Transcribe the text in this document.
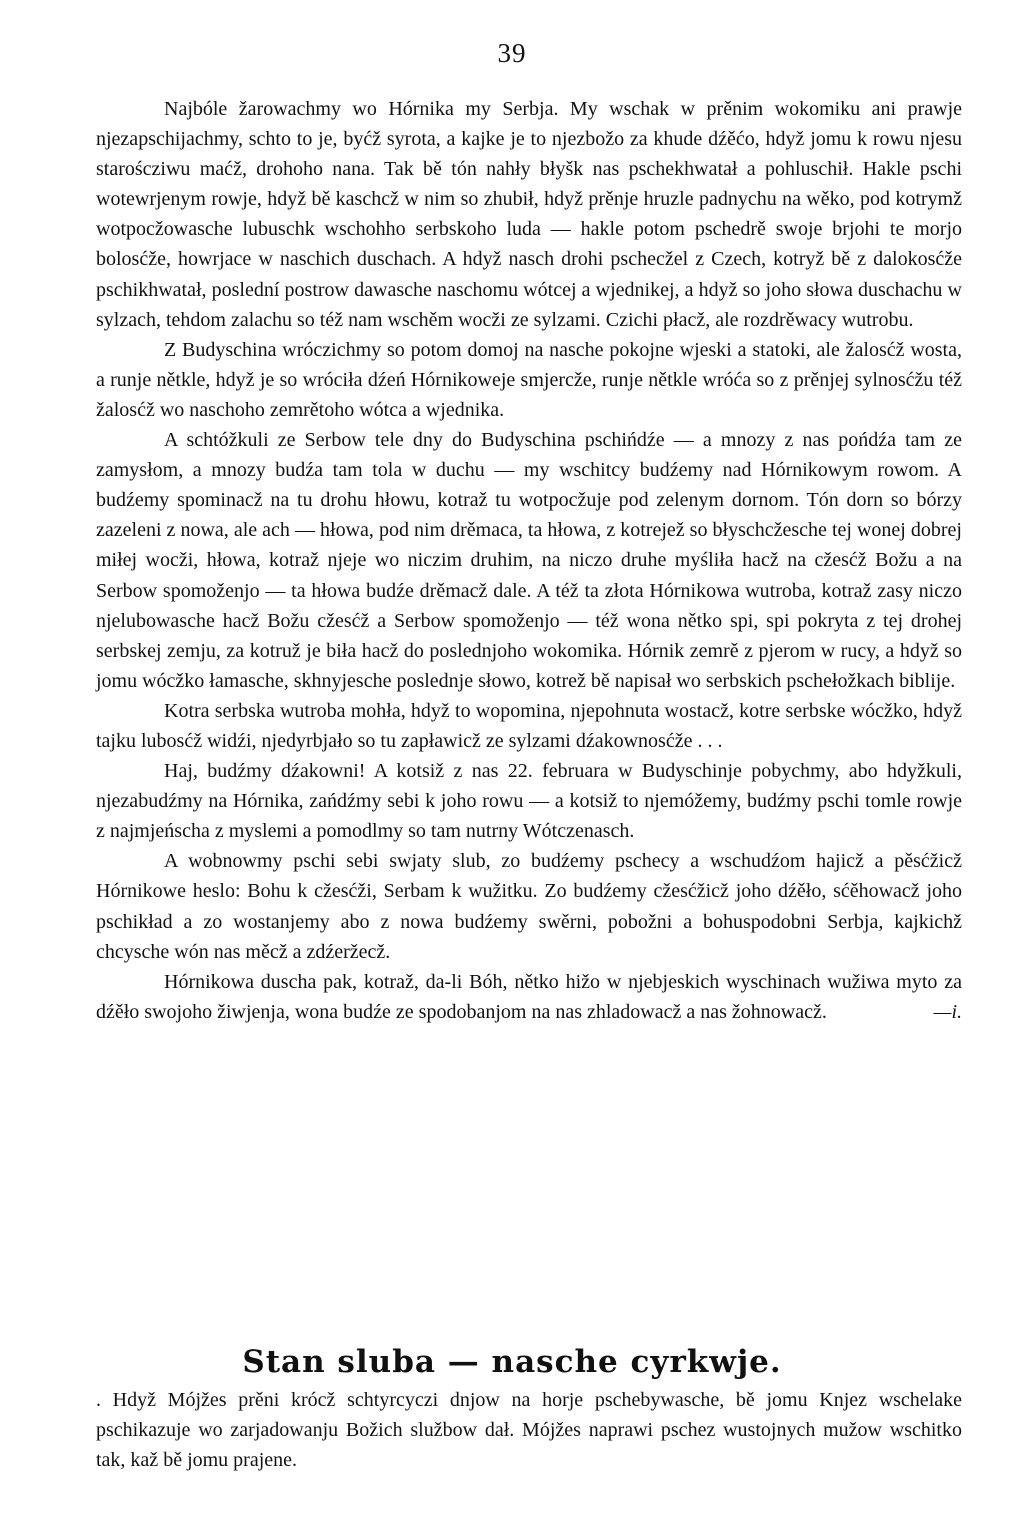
39

Najbóle žarowachmy wo Hórnika my Serbja. My wschak w prěnim wokomiku ani prawje njezapschijachmy, schto to je, byćž syrota, a kajke je to njezbožo za khude dźěćo, hdyž jomu k rowu njesu staroścziwu maćž, drohoho nana. Tak bě tón nahły błyšk nas pschekhwatał a pohluschił. Hakle pschi wotewrjenym rowje, hdyž bě kaschcž w nim so zhubił, hdyž prěnje hruzle padnychu na wěko, pod kotrymž wotpocžowasche lubuschk wschohho serbskoho luda — hakle potom pschedrě swoje brjohi te morjo bolosćže, howrjace w naschich duschach. A hdyž nasch drohi pschecžel z Czech, kotryž bě z dalokosćže pschikhwatał, poslední postrow dawasche naschomu wótcej a wjednikej, a hdyž so joho słowa duschachu w sylzach, tehdom zalachu so též nam wschěm wocži ze sylzami. Czichi płacž, ale rozdrěwacy wutrobu.

Z Budyschina wróczichmy so potom domoj na nasche pokojne wjeski a statoki, ale žalosćž wosta, a runje nětkle, hdyž je so wróciła dźeń Hórnikoweje smjercže, runje nětkle wróća so z prěnjej sylnosćžu též žalosćž wo naschoho zemrětoho wótca a wjednika.

A schtóžkuli ze Serbow tele dny do Budyschina pschińdźe — a mnozy z nas pońdźa tam ze zamysłom, a mnozy budźa tam tola w duchu — my wschitcy budźemy nad Hórnikowym rowom. A budźemy spominacž na tu drohu hłowu, kotraž tu wotpocžuje pod zelenym dornom. Tón dorn so bórzy zazeleni z nowa, ale ach — hłowa, pod nim drěmaca, ta hłowa, z kotrejež so błyschcžesche tej wonej dobrej miłej wocži, hłowa, kotraž njeje wo niczim druhim, na niczo druhe myśliła hacž na cžesćž Božu a na Serbow spomoženjo — ta hłowa budźe drěmacž dale. A též ta złota Hórnikowa wutroba, kotraž zasy niczo njelubowasche hacž Božu cžesćž a Serbow spomoženjo — též wona nětko spi, spi pokryta z tej drohej serbskej zemju, za kotruž je biła hacž do poslednjoho wokomika. Hórnik zemrě z pjerom w rucy, a hdyž so jomu wócžko łamasche, skhnyjesche poslednje słowo, kotrež bě napisał wo serbskich pschełožkach biblije.

Kotra serbska wutroba mohła, hdyž to wopomina, njepohnuta wostacž, kotre serbske wócžko, hdyž tajku lubosćž widźi, njedyrbjało so tu zapławicž ze sylzami dźakownosćže . . .

Haj, budźmy dźakowni! A kotsiž z nas 22. februara w Budyschinje pobychmy, abo hdyžkuli, njezabudźmy na Hórnika, zańdźmy sebi k joho rowu — a kotsiž to njemóžemy, budźmy pschi tomle rowje z najmjeńscha z myslemi a pomodlmy so tam nutrny Wótczenasch.

A wobnowmy pschi sebi swjaty slub, zo budźemy pschecy a wschudźom hajicž a pěsćžicž Hórnikowe heslo: Bohu k cžesćži, Serbam k wužitku. Zo budźemy cžesćžicž joho dźěło, sćěhowacž joho pschikład a zo wostanjemy abo z nowa budźemy swěrni, pobožni a bohuspodobni Serbja, kajkichž chcysche wón nas měcž a zdźeržecž.

Hórnikowa duscha pak, kotraž, da-li Bóh, nětko hižo w njebjeskich wyschinach wužiwa myto za dźěło swojoho žiwjenja, wona budźe ze spodobanjom na nas zhladowacž a nas žohnowacž.	—i.

Stan sluba — nasche cyrkwje.

. Hdyž Mójžes prěni krócž schtyrcyczi dnjow na horje pschebywasche, bě jomu Knjez wschelake pschikazuje wo zarjadowanju Božich službow dał. Mójžes naprawi pschez wustojnych mužow wschitko tak, kaž bě jomu prajene.
